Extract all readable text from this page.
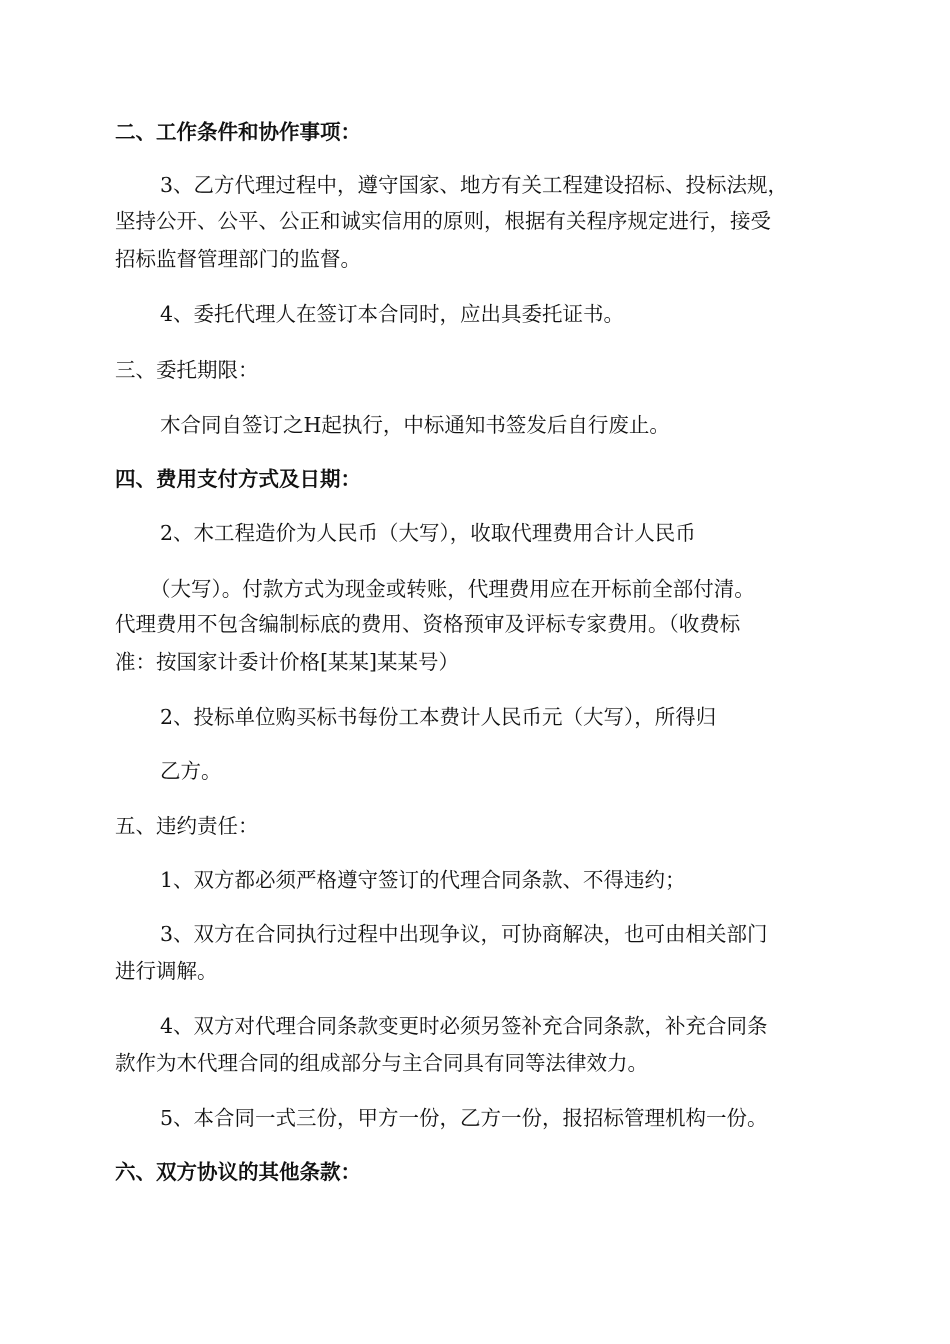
二、工作条件和协作事项：
3、乙方代理过程中，遵守国家、地方有关工程建设招标、投标法规，
坚持公开、公平、公正和诚实信用的原则，根据有关程序规定进行，接受
招标监督管理部门的监督。
4、委托代理人在签订本合同时，应出具委托证书。
三、委托期限：
木合同自签订之Η起执行，中标通知书签发后自行废止。
四、费用支付方式及日期：
2、木工程造价为人民币（大写），收取代理费用合计人民币
（大写）。付款方式为现金或转账，代理费用应在开标前全部付清。
代理费用不包含编制标底的费用、资格预审及评标专家费用。（收费标
准：按国家计委计价格[某某]某某号）
2、投标单位购买标书每份工本费计人民币元（大写），所得归
乙方。
五、违约责任：
1、双方都必须严格遵守签订的代理合同条款、不得违约；
3、双方在合同执行过程中出现争议，可协商解决，也可由相关部门
进行调解。
4、双方对代理合同条款变更时必须另签补充合同条款，补充合同条
款作为木代理合同的组成部分与主合同具有同等法律效力。
5、本合同一式三份，甲方一份，乙方一份，报招标管理机构一份。
六、双方协议的其他条款：
